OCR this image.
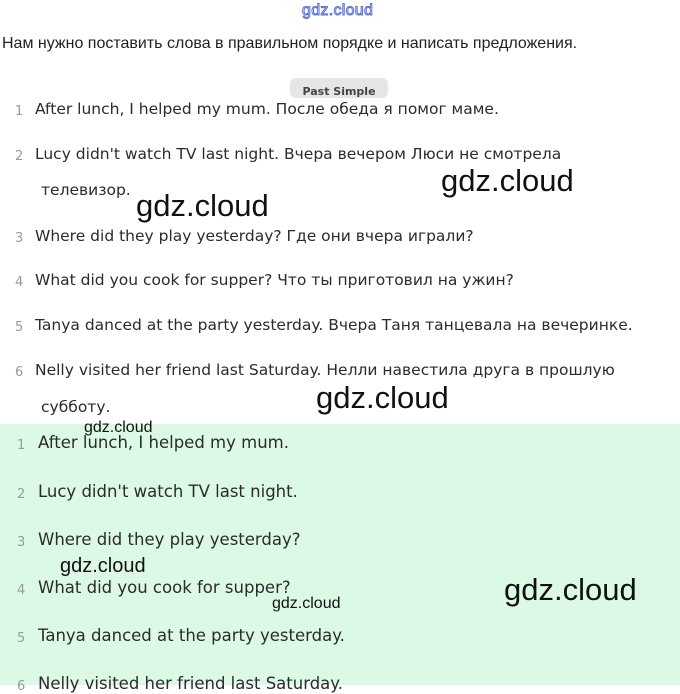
gdz.cloud
Нам нужно поставить слова в правильном порядке и написать предложения.
Past Simple
1 After lunch, I helped my mum. После обеда я помог маме.
2 Lucy didn't watch TV last night. Вчера вечером Люси не смотрела
телевизор.
3 Where did they play yesterday? Где они вчера играли?
4 What did you cook for supper? Что ты приготовил на ужин?
5 Tanya danced at the party yesterday. Вчера Таня танцевала на вечеринке.
6 Nelly visited her friend last Saturday. Нелли навестила друга в прошлую
субботу.
1 After lunch, I helped my mum.
2 Lucy didn't watch TV last night.
3 Where did they play yesterday?
4 What did you cook for supper?
5 Tanya danced at the party yesterday.
6 Nelly visited her friend last Saturday.
gdz.cloud
gdz.cloud
gdz.cloud
gdz.cloud
gdz.cloud
gdz.cloud
gdz.cloud
